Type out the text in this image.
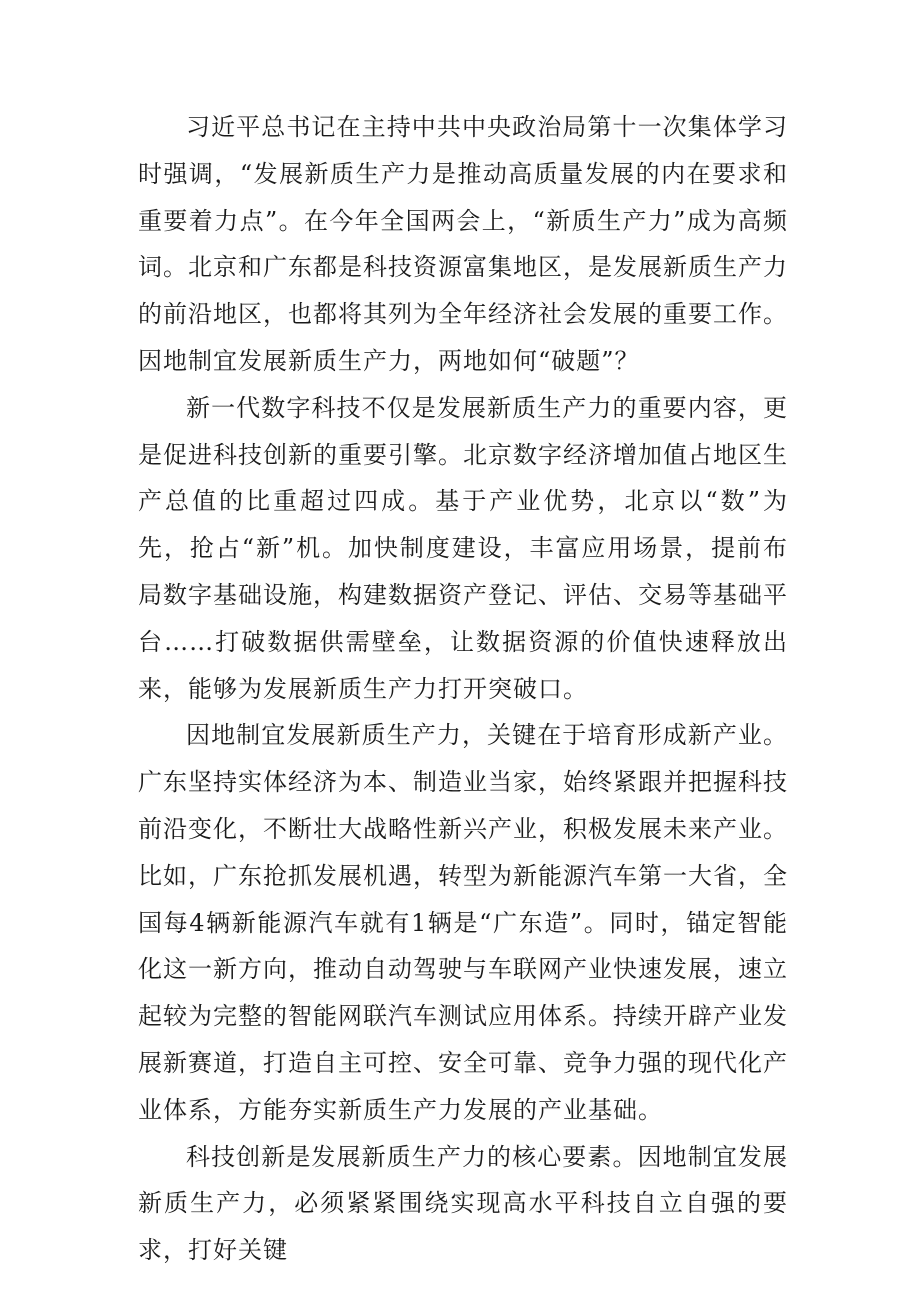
习近平总书记在主持中共中央政治局第十一次集体学习时强调，“发展新质生产力是推动高质量发展的内在要求和重要着力点”。在今年全国两会上，“新质生产力”成为高频词。北京和广东都是科技资源富集地区，是发展新质生产力的前沿地区，也都将其列为全年经济社会发展的重要工作。因地制宜发展新质生产力，两地如何“破题”？

新一代数字科技不仅是发展新质生产力的重要内容，更是促进科技创新的重要引擎。北京数字经济增加值占地区生产总值的比重超过四成。基于产业优势，北京以“数”为先，抢占“新”机。加快制度建设，丰富应用场景，提前布局数字基础设施，构建数据资产登记、评估、交易等基础平台……打破数据供需壁垒，让数据资源的价值快速释放出来，能够为发展新质生产力打开突破口。

因地制宜发展新质生产力，关键在于培育形成新产业。广东坚持实体经济为本、制造业当家，始终紧跟并把握科技前沿变化，不断壮大战略性新兴产业，积极发展未来产业。比如，广东抢抓发展机遇，转型为新能源汽车第一大省，全国每4辆新能源汽车就有1辆是“广东造”。同时，锚定智能化这一新方向，推动自动驾驶与车联网产业快速发展，速立起较为完整的智能网联汽车测试应用体系。持续开辟产业发展新赛道，打造自主可控、安全可靠、竞争力强的现代化产业体系，方能夯实新质生产力发展的产业基础。

科技创新是发展新质生产力的核心要素。因地制宜发展新质生产力，必须紧紧围绕实现高水平科技自立自强的要求，打好关键
